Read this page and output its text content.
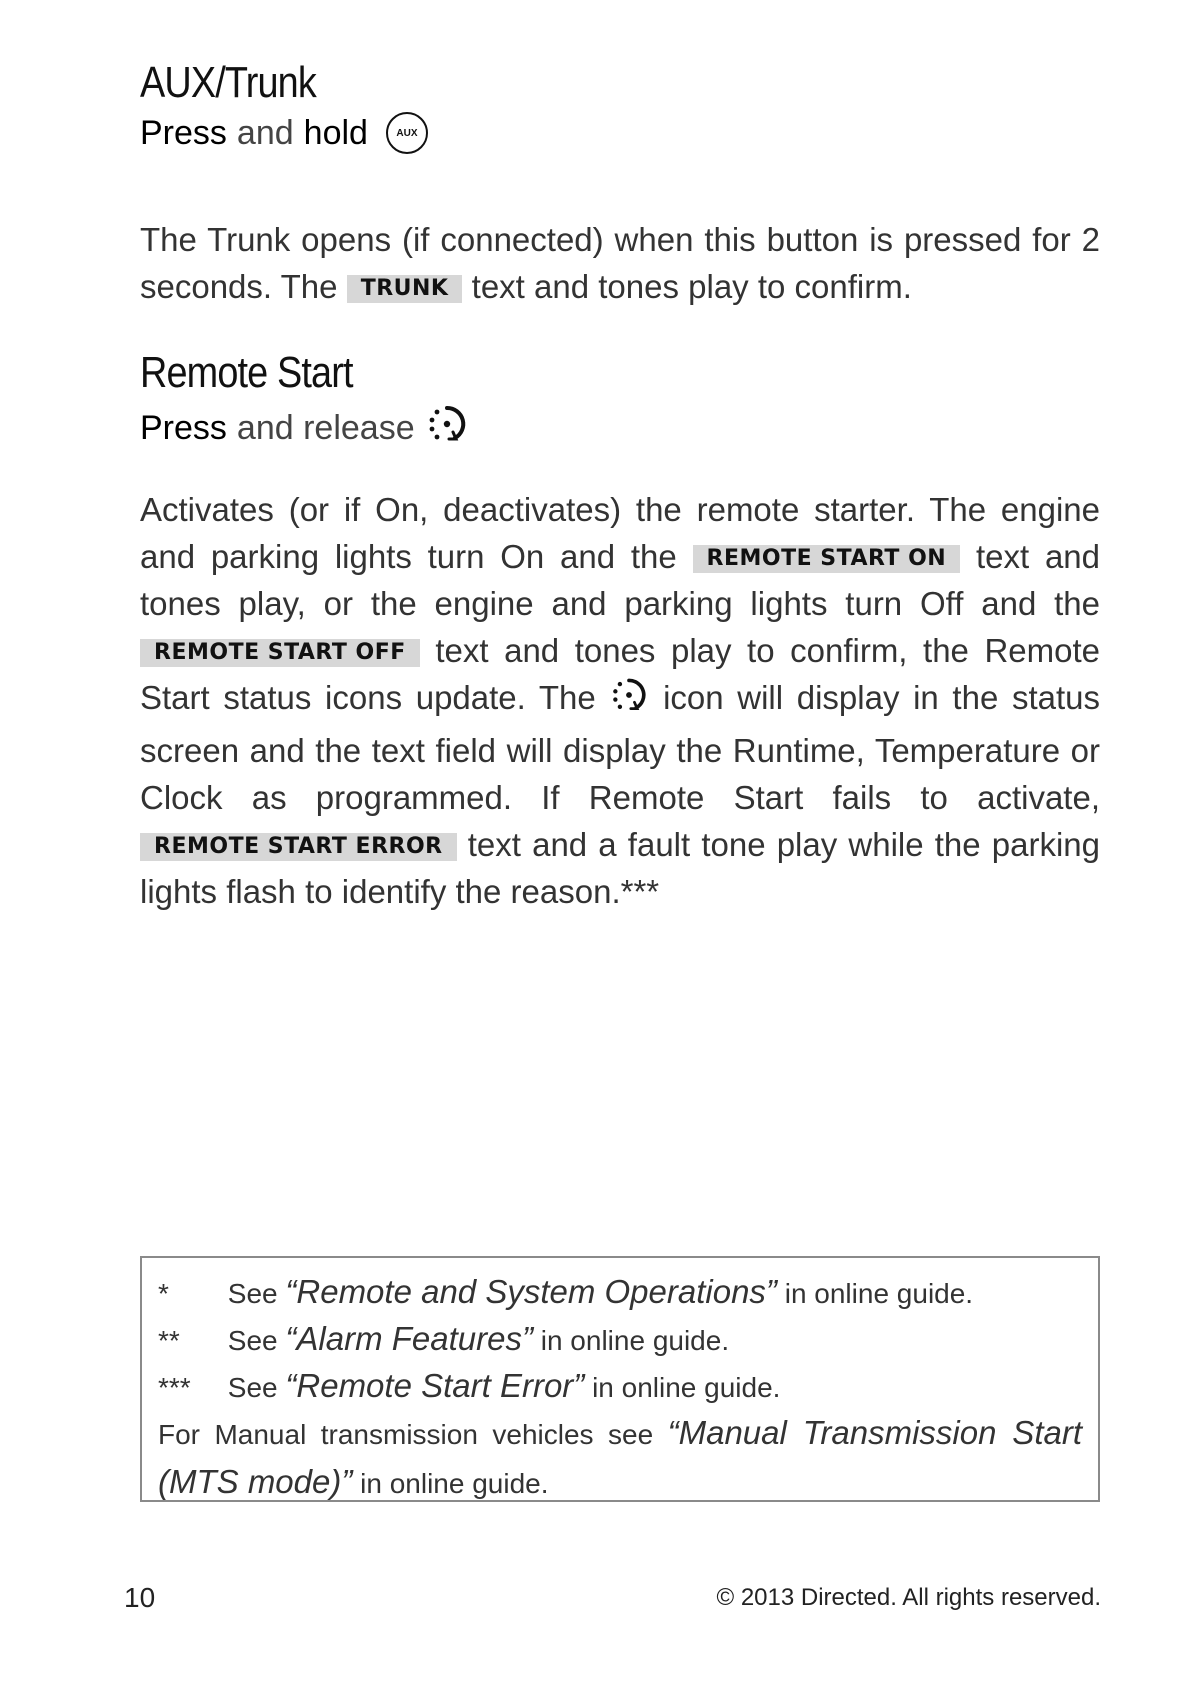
AUX/Trunk

Press and hold	AUX

The Trunk opens (if connected) when this button is pressed for 2 seconds. The TRUNK text and tones play to confirm.

Remote Start

Press and release

Activates (or if On, deactivates) the remote starter. The engine and parking lights turn On and the REMOTE START ON text and tones play, or the engine and parking lights turn Off and the REMOTE START OFF text and tones play to confirm, the Remote Start status icons update. The icon will display in the status screen and the text field will display the Runtime, Temperature or Clock as programmed. If Remote Start fails to activate, REMOTE START ERROR text and a fault tone play while the parking lights flash to identify the reason.***

* See “Remote and System Operations” in online guide.
** See “Alarm Features” in online guide.
*** See “Remote Start Error” in online guide.
For Manual transmission vehicles see “Manual Transmission Start (MTS mode)” in online guide.
10	© 2013 Directed. All rights reserved.
